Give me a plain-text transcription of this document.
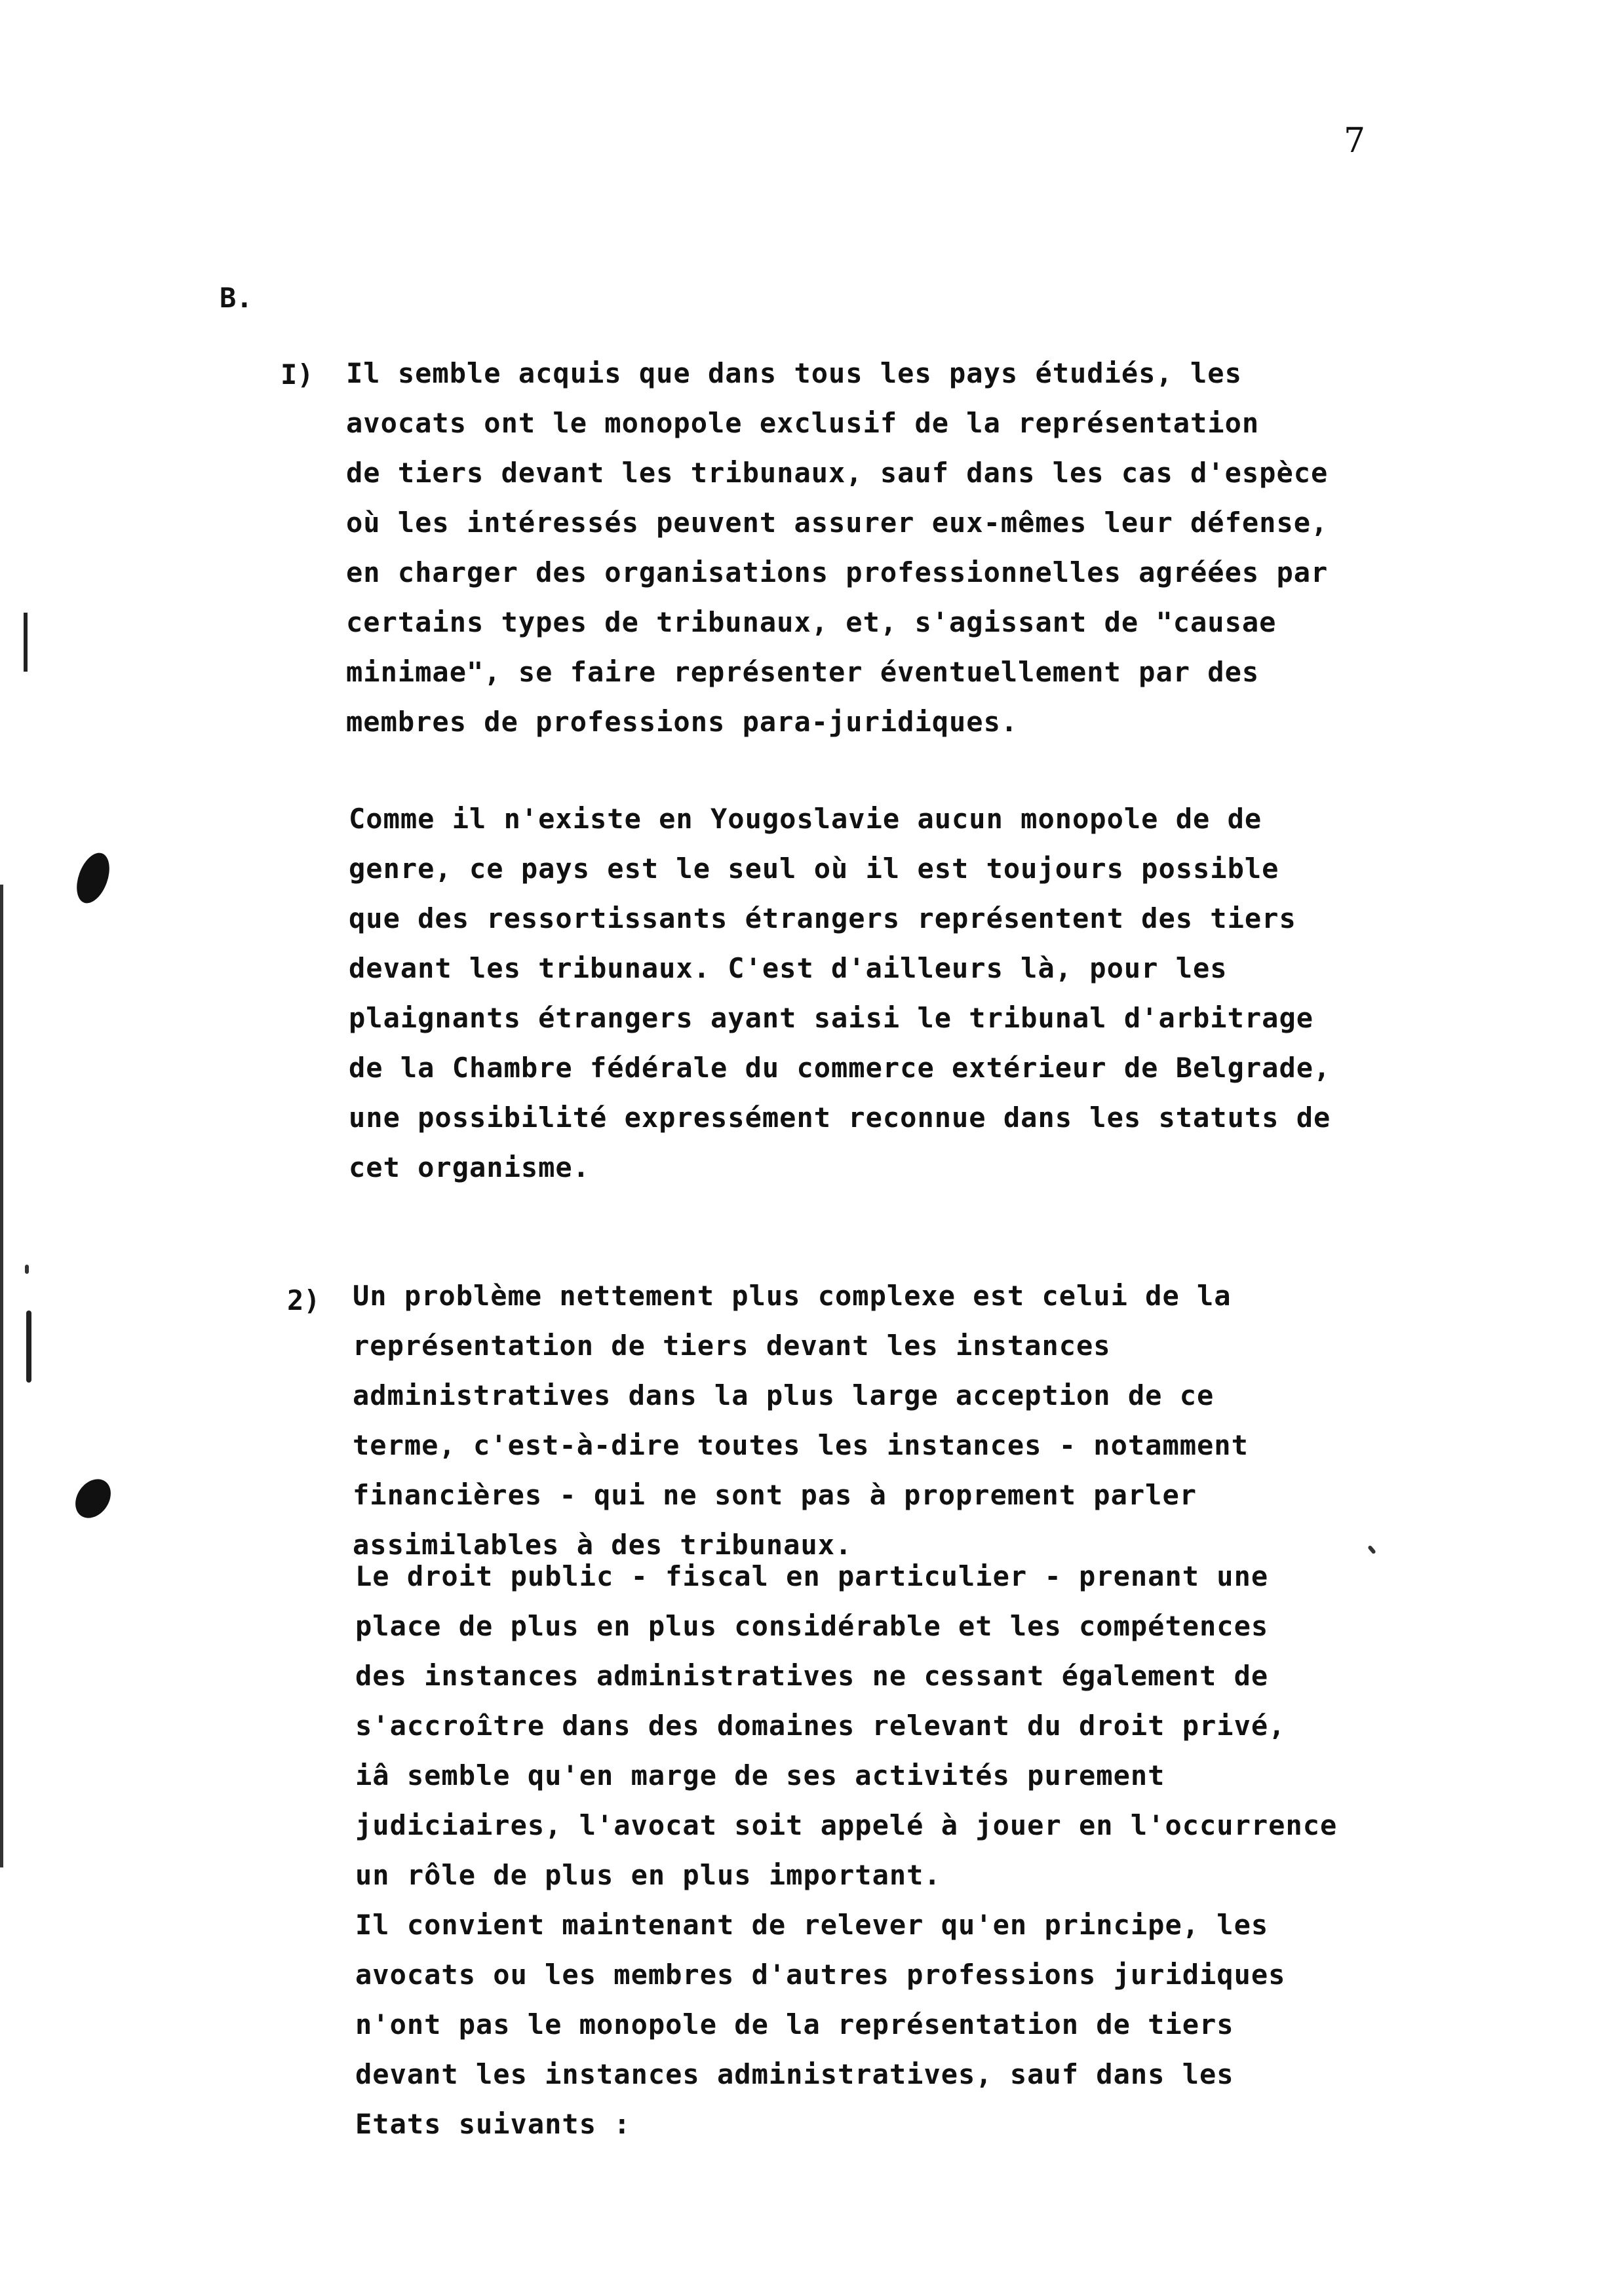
7
B.
I) Il semble acquis que dans tous les pays étudiés, les
avocats ont le monopole exclusif de la représentation
de tiers devant les tribunaux, sauf dans les cas d'espèce
où les intéressés peuvent assurer eux-mêmes leur défense,
en charger des organisations professionnelles agréées par
certains types de tribunaux, et, s'agissant de "causae
minimae", se faire représenter éventuellement par des
membres de professions para-juridiques.
Comme il n'existe en Yougoslavie aucun monopole de de
genre, ce pays est le seul où il est toujours possible
que des ressortissants étrangers représentent des tiers
devant les tribunaux. C'est d'ailleurs là, pour les
plaignants étrangers ayant saisi le tribunal d'arbitrage
de la Chambre fédérale du commerce extérieur de Belgrade,
une possibilité expressément reconnue dans les statuts de
cet organisme.
2) Un problème nettement plus complexe est celui de la
représentation de tiers devant les instances
administratives dans la plus large acception de ce
terme, c'est-à-dire toutes les instances - notamment
financières - qui ne sont pas à proprement parler
assimilables à des tribunaux.
Le droit public - fiscal en particulier - prenant une
place de plus en plus considérable et les compétences
des instances administratives ne cessant également de
s'accroître dans des domaines relevant du droit privé,
iâ semble qu'en marge de ses activités purement
judiciaires, l'avocat soit appelé à jouer en l'occurrence
un rôle de plus en plus important.
Il convient maintenant de relever qu'en principe, les
avocats ou les membres d'autres professions juridiques
n'ont pas le monopole de la représentation de tiers
devant les instances administratives, sauf dans les
Etats suivants :
